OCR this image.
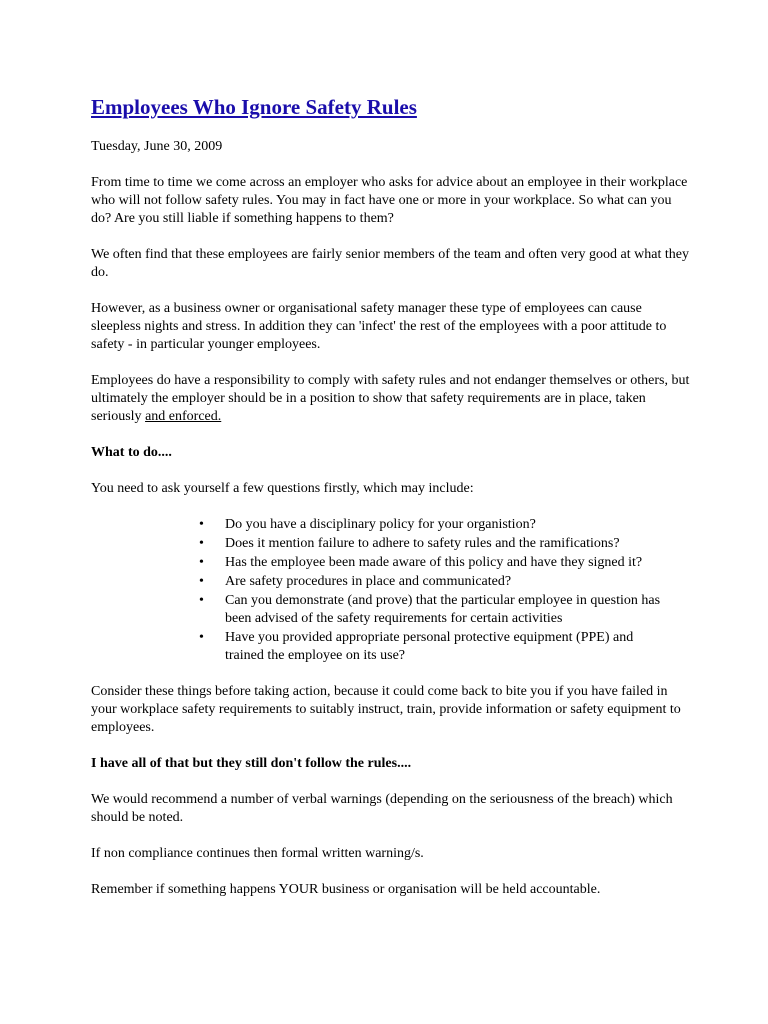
Employees Who Ignore Safety Rules

Tuesday, June 30, 2009

From time to time we come across an employer who asks for advice about an employee in their workplace who will not follow safety rules. You may in fact have one or more in your workplace. So what can you do? Are you still liable if something happens to them?

We often find that these employees are fairly senior members of the team and often very good at what they do.

However, as a business owner or organisational safety manager these type of employees can cause sleepless nights and stress. In addition they can 'infect' the rest of the employees with a poor attitude to safety - in particular younger employees.

Employees do have a responsibility to comply with safety rules and not endanger themselves or others, but ultimately the employer should be in a position to show that safety requirements are in place, taken seriously and enforced.

What to do....

You need to ask yourself a few questions firstly, which may include:

• Do you have a disciplinary policy for your organistion?
• Does it mention failure to adhere to safety rules and the ramifications?
• Has the employee been made aware of this policy and have they signed it?
• Are safety procedures in place and communicated?
• Can you demonstrate (and prove) that the particular employee in question has been advised of the safety requirements for certain activities
• Have you provided appropriate personal protective equipment (PPE) and trained the employee on its use?

Consider these things before taking action, because it could come back to bite you if you have failed in your workplace safety requirements to suitably instruct, train, provide information or safety equipment to employees.

I have all of that but they still don't follow the rules....

We would recommend a number of verbal warnings (depending on the seriousness of the breach) which should be noted.

If non compliance continues then formal written warning/s.

Remember if something happens YOUR business or organisation will be held accountable.
